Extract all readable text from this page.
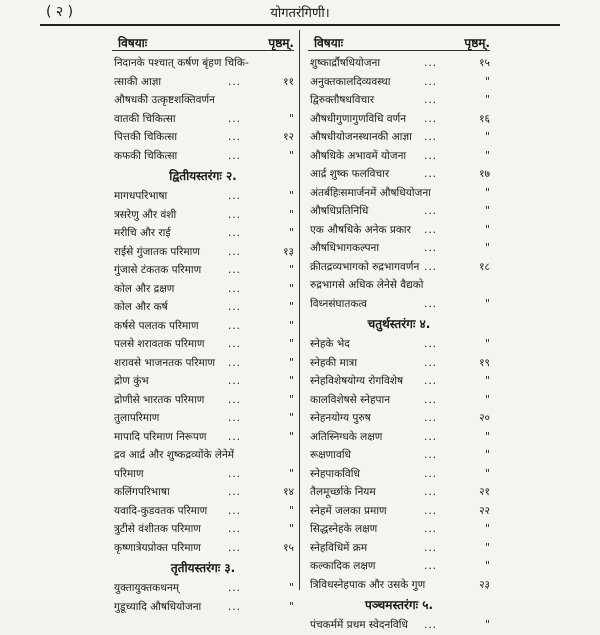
( २ )	योगतरंगिणी।
विषयाः	पृष्ठम्.
निदानके पश्चात् कर्षण बृंहण चिकि-
त्साकी आज्ञा	...	११
औषधकी उत्कृष्टशक्तिवर्णन
वातकी चिकित्सा	...	"
पित्तकी चिकित्सा	...	१२
कफकी चिकित्सा	...	"
द्वितीयस्तरंगः २.
मागधपरिभाषा	...	"
त्रसरेणु और वंशी	...	"
मरीचि और राई	...	"
राईसे गुंजातक परिमाण	...	१३
गुंजासे टंकतक परिमाण	...	"
कोल और द्रक्षण	...	"
कोल और कर्ष	...	"
कर्षसे पलतक परिमाण	...	"
पलसे शरावतक परिमाण ...	"
शरावसे भाजनतक परिमाण ...	"
द्रोण कुंभ	...	"
द्रोणीसे भारतक परिमाण ...	"
तुलापरिमाण	...	"
मापादि परिमाण निरूपण ...	"
द्रव आर्द्र और शुष्कद्रव्योंके लेनेमें
परिमाण	...	"
कलिंगपरिभाषा	...	१४
यवादि-कुडवतक परिमाण ...	"
त्रुटीसे वंशीतक परिमाण	...	"
कृष्णात्रेयप्रोक्त परिमाण	...	१५
तृतीयस्तरंगः ३.
युक्तायुक्तकथनम्	...	"
गुडूच्यादि औषधियोजना	...	"
विषयाः	पृष्ठम्.
शुष्कार्द्रौषधियोजना	...	१५
अनुक्तकालदिव्यवस्था	...	"
द्विरुक्तौषधविचार	...	"
औषधीगुणागुणविधि वर्णन ...	१६
औषधीयोजनस्थानकी आज्ञा ...	"
औषधिके अभावमें योजना ...	"
आर्द्र शुष्क फलविचार	...	१७
अंतर्बहिःसमार्जनमें औषधियोजना	"
औषधिप्रतिनिधि	...	"
एक औषधिके अनेक प्रकार ...	"
औषधिभागकल्पना	...	"
क्रीतद्रव्यभागको रुद्रभागवर्णन ...	१८
रुद्रभागसे अधिक लेनेसे वैद्यको
विध्नसंघातकत्व	...	"
चतुर्थस्तरंगः ४.
स्नेहके भेद	...	"
स्नेहकी मात्रा	...	१९
स्नेहविशेषयोग्य रोगविशेष ...	"
कालविशेषसे स्नेहपान	...	"
स्नेहनयोग्य पुरुष	...	२०
अतिस्निग्धके लक्षण	...	"
रूक्षणावधि	...	"
स्नेहपाकविधि	...	"
तैलमूर्च्छाके नियम	...	२१
स्नेहमें जलका प्रमाण	...	२२
सिद्धस्नेहके लक्षण	...	"
स्नेहविधिमें क्रम	...	"
कल्कादिक लक्षण	...	"
त्रिविधस्नेहपाक और उसके गुण	२३
पञ्चमस्तरंगः ५.
पंचकर्ममें प्रथम स्वेदनविधि ...	"
